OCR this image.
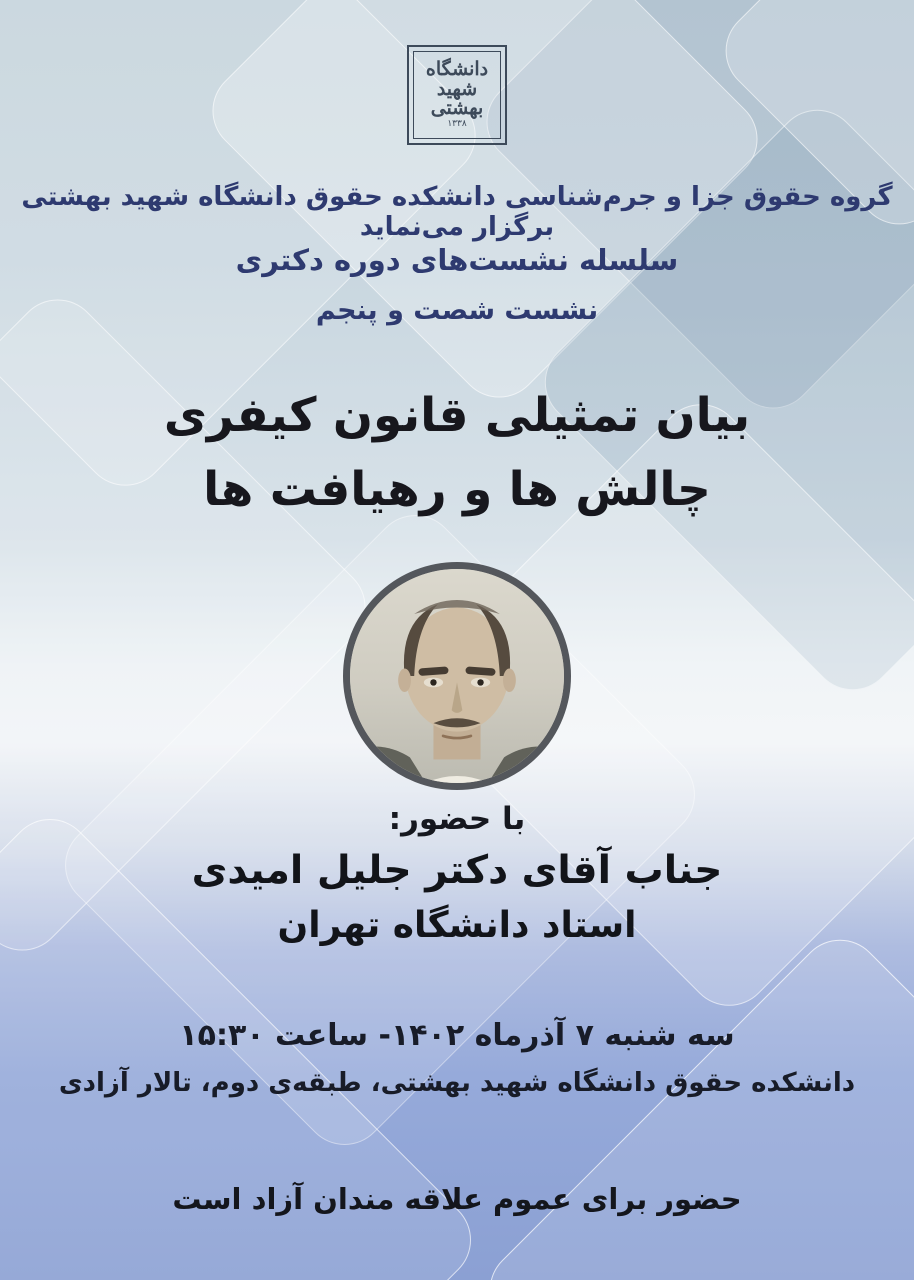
دانشگاه
شهید
بهشتی
۱۳۳۸
گروه حقوق جزا و جرم‌شناسی دانشکده حقوق دانشگاه شهید بهشتی برگزار می‌نماید
سلسله نشست‌های دوره دکتری
نشست شصت و پنجم
بیان تمثیلی قانون کیفری
چالش ها و رهیافت ها
با حضور:
جناب آقای دکتر جلیل امیدی
استاد دانشگاه تهران
سه شنبه ۷ آذرماه ۱۴۰۲- ساعت ۱۵:۳۰
دانشکده حقوق دانشگاه شهید بهشتی، طبقه‌ی دوم، تالار آزادی
حضور برای عموم علاقه مندان آزاد است
